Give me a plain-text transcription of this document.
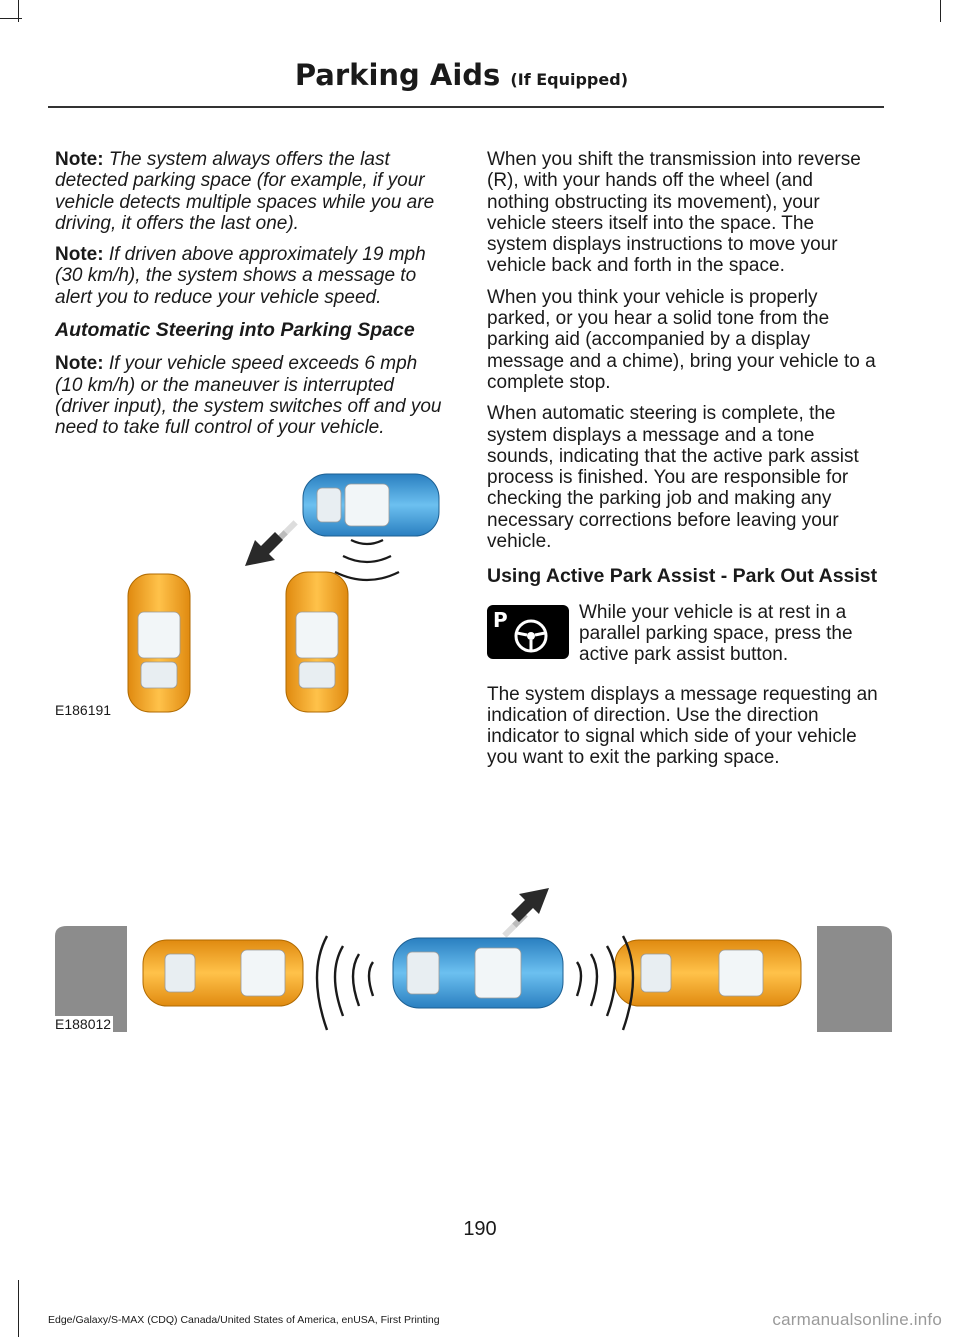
Parking Aids (If Equipped)

Note: The system always offers the last detected parking space (for example, if your vehicle detects multiple spaces while you are driving, it offers the last one).

Note: If driven above approximately 19 mph (30 km/h), the system shows a message to alert you to reduce your vehicle speed.

Automatic Steering into Parking Space

Note: If your vehicle speed exceeds 6 mph (10 km/h) or the maneuver is interrupted (driver input), the system switches off and you need to take full control of your vehicle.

E186191

When you shift the transmission into reverse (R), with your hands off the wheel (and nothing obstructing its movement), your vehicle steers itself into the space. The system displays instructions to move your vehicle back and forth in the space.

When you think your vehicle is properly parked, or you hear a solid tone from the parking aid (accompanied by a display message and a chime), bring your vehicle to a complete stop.

When automatic steering is complete, the system displays a message and a tone sounds, indicating that the active park assist process is finished. You are responsible for checking the parking job and making any necessary corrections before leaving your vehicle.

Using Active Park Assist - Park Out Assist
P	While your vehicle is at rest in a parallel parking space, press the active park assist button.

The system displays a message requesting an indication of direction. Use the direction indicator to signal which side of your vehicle you want to exit the parking space.

E188012
190
Edge/Galaxy/S-MAX (CDQ) Canada/United States of America, enUSA, First Printing	carmanualsonline.info
